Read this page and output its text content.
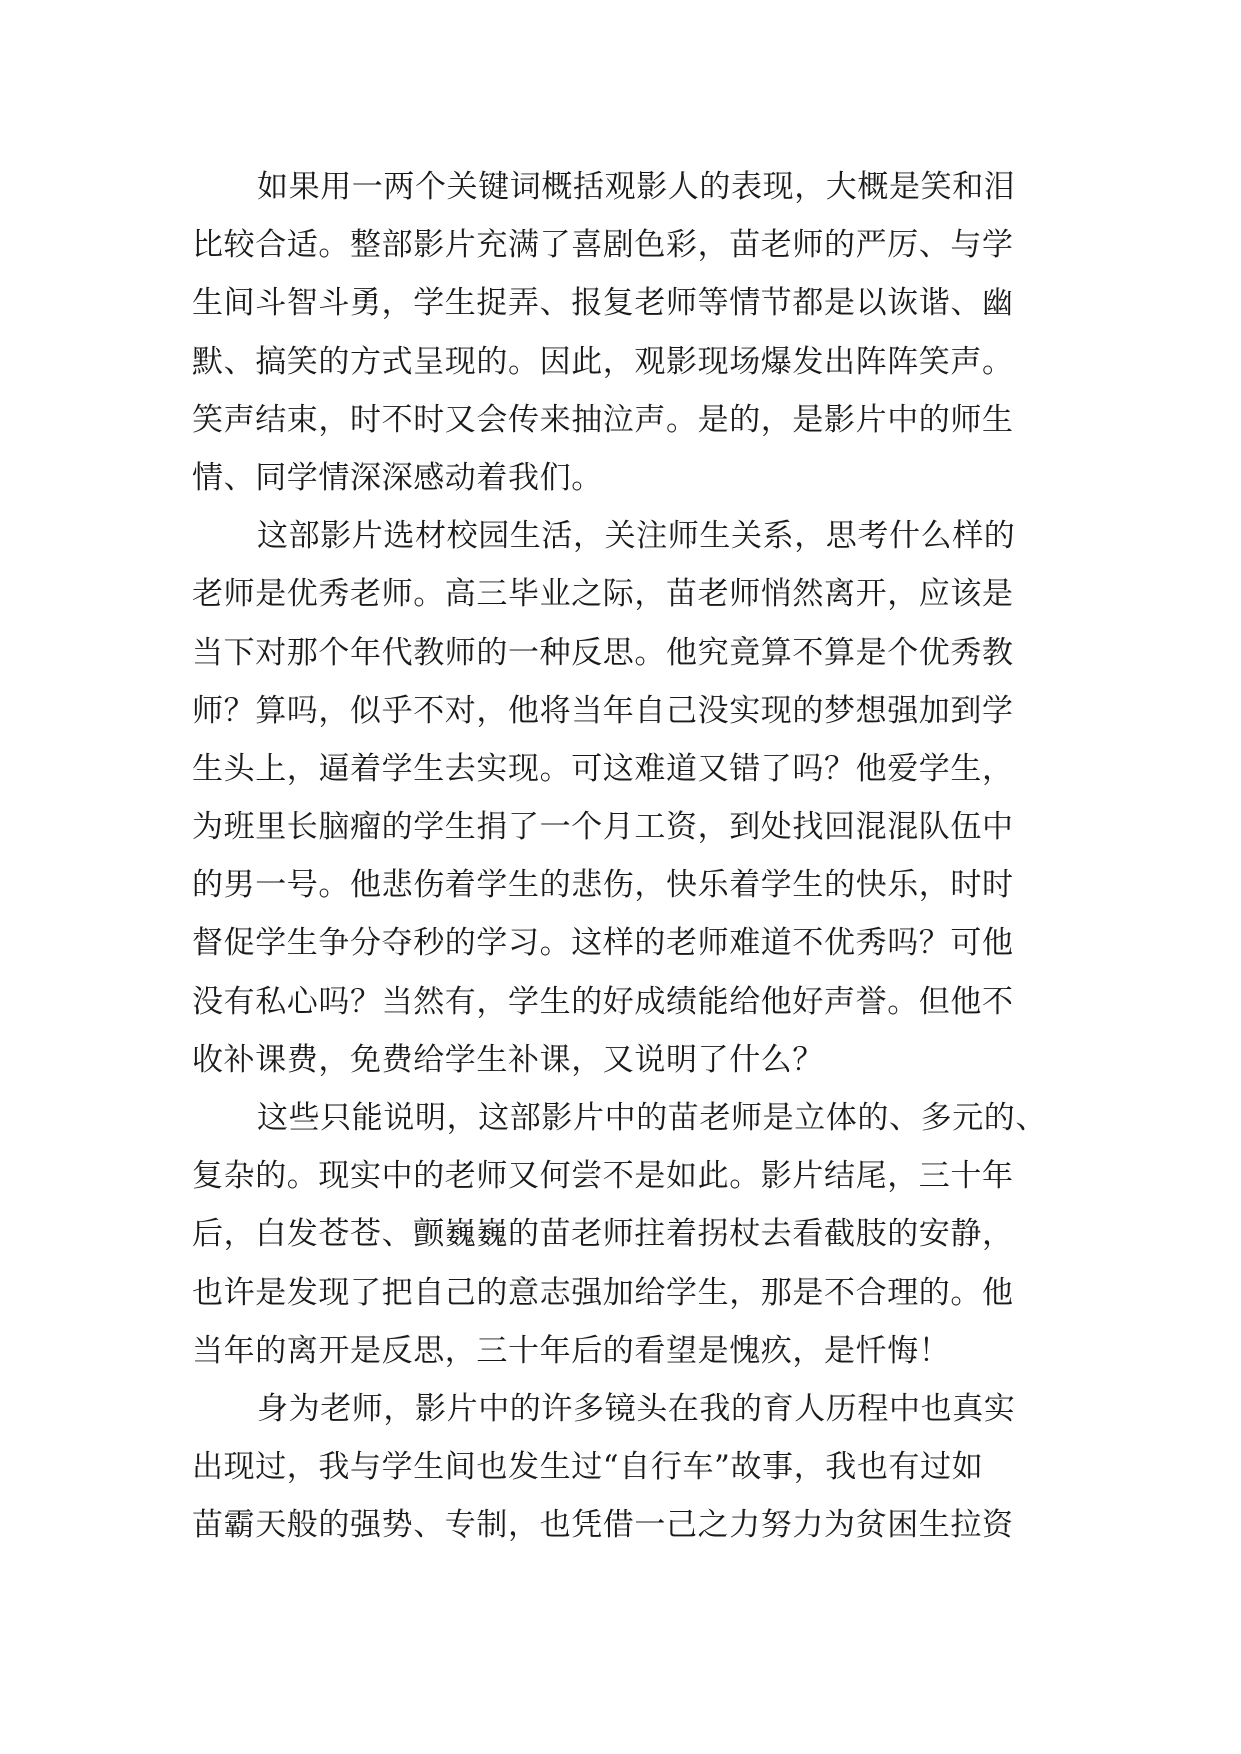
如果用一两个关键词概括观影人的表现，大概是笑和泪
比较合适。整部影片充满了喜剧色彩，苗老师的严厉、与学
生间斗智斗勇，学生捉弄、报复老师等情节都是以诙谐、幽
默、搞笑的方式呈现的。因此，观影现场爆发出阵阵笑声。
笑声结束，时不时又会传来抽泣声。是的，是影片中的师生
情、同学情深深感动着我们。
这部影片选材校园生活，关注师生关系，思考什么样的
老师是优秀老师。高三毕业之际，苗老师悄然离开，应该是
当下对那个年代教师的一种反思。他究竟算不算是个优秀教
师？算吗，似乎不对，他将当年自己没实现的梦想强加到学
生头上，逼着学生去实现。可这难道又错了吗？他爱学生，
为班里长脑瘤的学生捐了一个月工资，到处找回混混队伍中
的男一号。他悲伤着学生的悲伤，快乐着学生的快乐，时时
督促学生争分夺秒的学习。这样的老师难道不优秀吗？可他
没有私心吗？当然有，学生的好成绩能给他好声誉。但他不
收补课费，免费给学生补课，又说明了什么？
这些只能说明，这部影片中的苗老师是立体的、多元的、
复杂的。现实中的老师又何尝不是如此。影片结尾，三十年
后，白发苍苍、颤巍巍的苗老师拄着拐杖去看截肢的安静，
也许是发现了把自己的意志强加给学生，那是不合理的。他
当年的离开是反思，三十年后的看望是愧疚，是忏悔！
身为老师，影片中的许多镜头在我的育人历程中也真实
出现过，我与学生间也发生过“自行车”故事，我也有过如
苗霸天般的强势、专制，也凭借一己之力努力为贫困生拉资
